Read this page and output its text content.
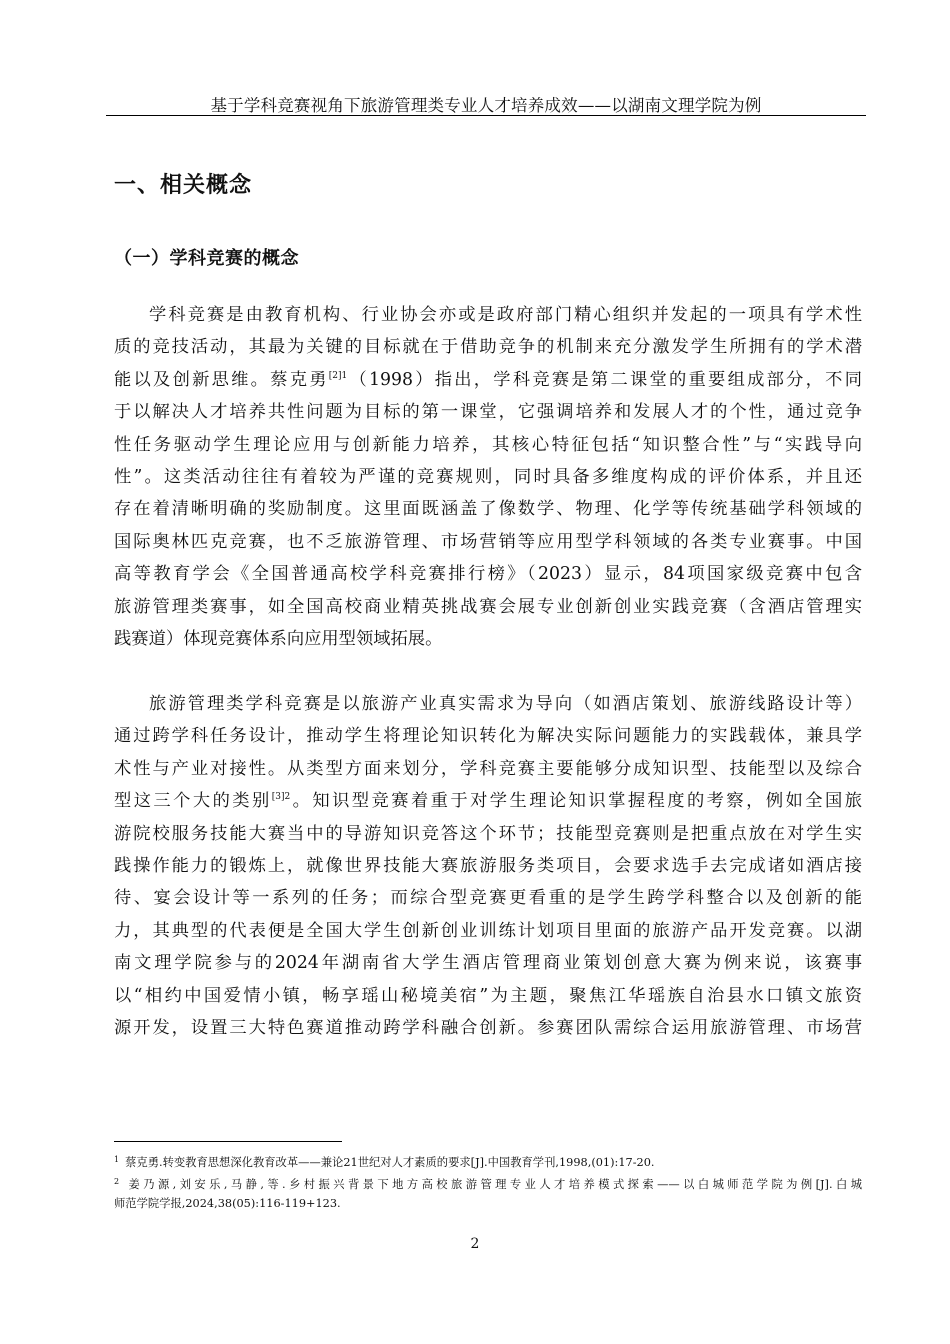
基于学科竞赛视角下旅游管理类专业人才培养成效——以湖南文理学院为例
一、相关概念
（一）学科竞赛的概念
学科竞赛是由教育机构、行业协会亦或是政府部门精心组织并发起的一项具有学术性
质的竞技活动，其最为关键的目标就在于借助竞争的机制来充分激发学生所拥有的学术潜
能以及创新思维。蔡克勇$^{[2]1}$（1998）指出，学科竞赛是第二课堂的重要组成部分，不同
于以解决人才培养共性问题为目标的第一课堂，它强调培养和发展人才的个性，通过竞争
性任务驱动学生理论应用与创新能力培养，其核心特征包括“知识整合性”与“实践导向
性”。这类活动往往有着较为严谨的竞赛规则，同时具备多维度构成的评价体系，并且还
存在着清晰明确的奖励制度。这里面既涵盖了像数学、物理、化学等传统基础学科领域的
国际奥林匹克竞赛，也不乏旅游管理、市场营销等应用型学科领域的各类专业赛事。中国
高等教育学会《全国普通高校学科竞赛排行榜》（2023）显示，84项国家级竞赛中包含
旅游管理类赛事，如全国高校商业精英挑战赛会展专业创新创业实践竞赛（含酒店管理实
践赛道）体现竞赛体系向应用型领域拓展。
旅游管理类学科竞赛是以旅游产业真实需求为导向（如酒店策划、旅游线路设计等）
通过跨学科任务设计，推动学生将理论知识转化为解决实际问题能力的实践载体，兼具学
术性与产业对接性。从类型方面来划分，学科竞赛主要能够分成知识型、技能型以及综合
型这三个大的类别$^{[3]2}$。知识型竞赛着重于对学生理论知识掌握程度的考察，例如全国旅
游院校服务技能大赛当中的导游知识竞答这个环节；技能型竞赛则是把重点放在对学生实
践操作能力的锻炼上，就像世界技能大赛旅游服务类项目，会要求选手去完成诸如酒店接
待、宴会设计等一系列的任务；而综合型竞赛更看重的是学生跨学科整合以及创新的能
力，其典型的代表便是全国大学生创新创业训练计划项目里面的旅游产品开发竞赛。以湖
南文理学院参与的2024年湖南省大学生酒店管理商业策划创意大赛为例来说，该赛事
以“相约中国爱情小镇，畅享瑶山秘境美宿”为主题，聚焦江华瑶族自治县水口镇文旅资
源开发，设置三大特色赛道推动跨学科融合创新。参赛团队需综合运用旅游管理、市场营
$^1$ 蔡克勇.转变教育思想深化教育改革——兼论21世纪对人才素质的要求[J].中国教育学刊,1998,(01):17-20.
$^2$ 姜乃源,刘安乐,马静,等.乡村振兴背景下地方高校旅游管理专业人才培养模式探索——以白城师范学院为例[J].白城
师范学院学报,2024,38(05):116-119+123.
2
